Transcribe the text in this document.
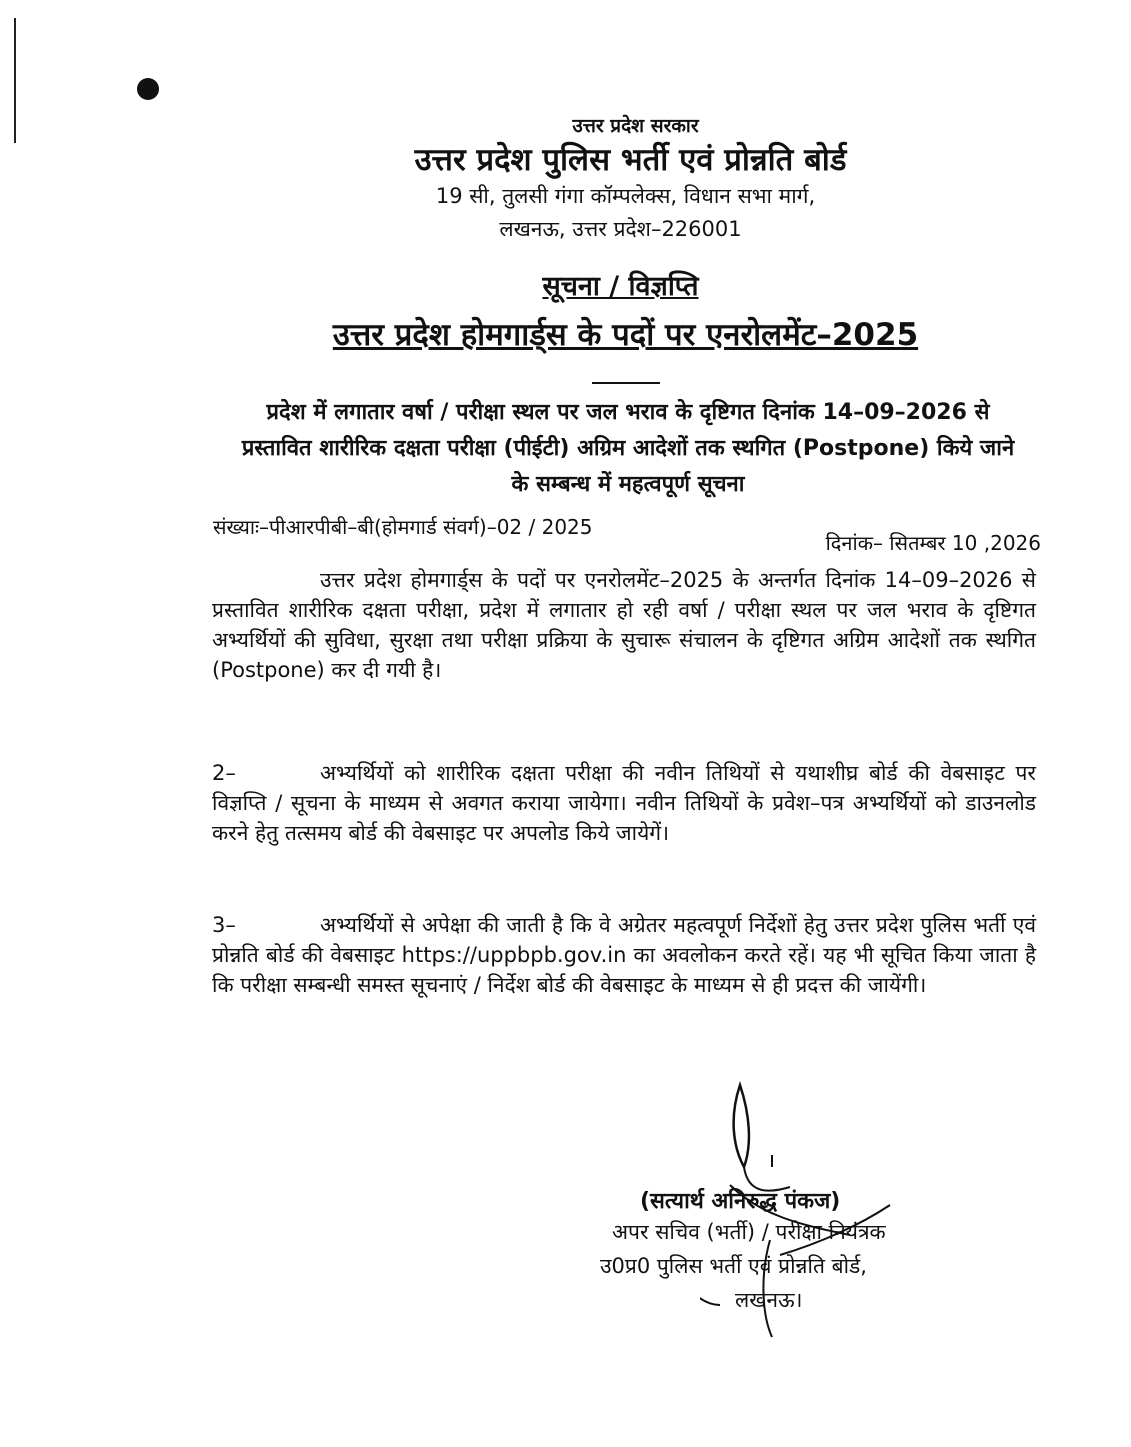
उत्तर प्रदेश सरकार
उत्तर प्रदेश पुलिस भर्ती एवं प्रोन्नति बोर्ड
19 सी, तुलसी गंगा कॉम्पलेक्स, विधान सभा मार्ग,
लखनऊ, उत्तर प्रदेश–226001
सूचना / विज्ञप्ति
उत्तर प्रदेश होमगार्ड्स के पदों पर एनरोलमेंट–2025
प्रदेश में लगातार वर्षा / परीक्षा स्थल पर जल भराव के दृष्टिगत दिनांक 14–09–2026 से प्रस्तावित शारीरिक दक्षता परीक्षा (पीईटी) अग्रिम आदेशों तक स्थगित (Postpone) किये जाने के सम्बन्ध में महत्वपूर्ण सूचना
संख्याः–पीआरपीबी–बी(होमगार्ड संवर्ग)–02 / 2025
दिनांक– सितम्बर 10 ,2026
उत्तर प्रदेश होमगार्ड्स के पदों पर एनरोलमेंट–2025 के अन्तर्गत दिनांक 14–09–2026 से प्रस्तावित शारीरिक दक्षता परीक्षा, प्रदेश में लगातार हो रही वर्षा / परीक्षा स्थल पर जल भराव के दृष्टिगत अभ्यर्थियों की सुविधा, सुरक्षा तथा परीक्षा प्रक्रिया के सुचारू संचालन के दृष्टिगत अग्रिम आदेशों तक स्थगित (Postpone) कर दी गयी है।
2–	अभ्यर्थियों को शारीरिक दक्षता परीक्षा की नवीन तिथियों से यथाशीघ्र बोर्ड की वेबसाइट पर विज्ञप्ति / सूचना के माध्यम से अवगत कराया जायेगा। नवीन तिथियों के प्रवेश–पत्र अभ्यर्थियों को डाउनलोड करने हेतु तत्समय बोर्ड की वेबसाइट पर अपलोड किये जायेगें।
3–	अभ्यर्थियों से अपेक्षा की जाती है कि वे अग्रेतर महत्वपूर्ण निर्देशों हेतु उत्तर प्रदेश पुलिस भर्ती एवं प्रोन्नति बोर्ड की वेबसाइट https://uppbpb.gov.in का अवलोकन करते रहें। यह भी सूचित किया जाता है कि परीक्षा सम्बन्धी समस्त सूचनाएं / निर्देश बोर्ड की वेबसाइट के माध्यम से ही प्रदत्त की जायेंगी।
(सत्यार्थ अनिरुद्ध पंकज)
अपर सचिव (भर्ती) / परीक्षा नियंत्रक
उ0प्र0 पुलिस भर्ती एवं प्रोन्नति बोर्ड,
लखनऊ।
